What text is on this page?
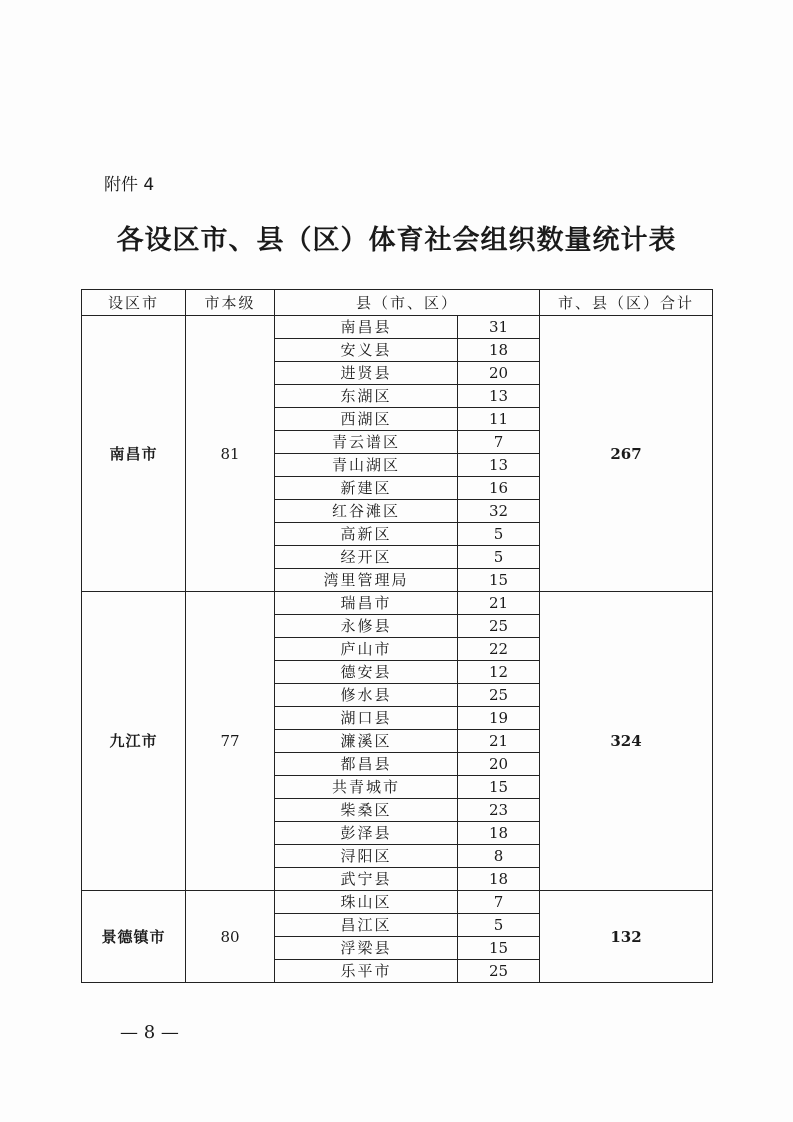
附件 4
各设区市、县（区）体育社会组织数量统计表
设区市	市本级	县（市、区）		市、县（区）合计
南昌市	81	南昌县	31	267
		安义县	18	
		进贤县	20	
		东湖区	13	
		西湖区	11	
		青云谱区	7	
		青山湖区	13	
		新建区	16	
		红谷滩区	32	
		高新区	5	
		经开区	5	
		湾里管理局	15	
九江市	77	瑞昌市	21	324
		永修县	25	
		庐山市	22	
		德安县	12	
		修水县	25	
		湖口县	19	
		濂溪区	21	
		都昌县	20	
		共青城市	15	
		柴桑区	23	
		彭泽县	18	
		浔阳区	8	
		武宁县	18	
景德镇市	80	珠山区	7	132
		昌江区	5	
		浮梁县	15	
		乐平市	25	
— 8 —
